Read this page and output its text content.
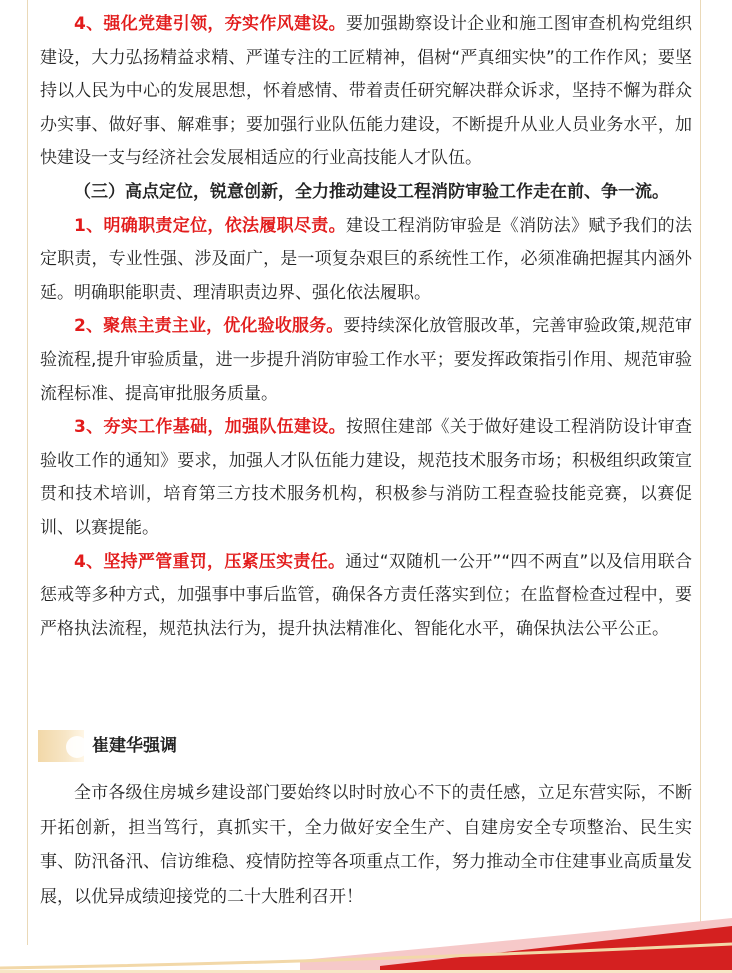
4、强化党建引领，夯实作风建设。要加强勘察设计企业和施工图审查机构党组织建设，大力弘扬精益求精、严谨专注的工匠精神，倡树“严真细实快”的工作作风；要坚持以人民为中心的发展思想，怀着感情、带着责任研究解决群众诉求，坚持不懈为群众办实事、做好事、解难事；要加强行业队伍能力建设，不断提升从业人员业务水平，加快建设一支与经济社会发展相适应的行业高技能人才队伍。

（三）高点定位，锐意创新，全力推动建设工程消防审验工作走在前、争一流。

1、明确职责定位，依法履职尽责。建设工程消防审验是《消防法》赋予我们的法定职责，专业性强、涉及面广，是一项复杂艰巨的系统性工作，必须准确把握其内涵外延。明确职能职责、理清职责边界、强化依法履职。

2、聚焦主责主业，优化验收服务。要持续深化放管服改革，完善审验政策,规范审验流程,提升审验质量，进一步提升消防审验工作水平；要发挥政策指引作用、规范审验流程标准、提高审批服务质量。

3、夯实工作基础，加强队伍建设。按照住建部《关于做好建设工程消防设计审查验收工作的通知》要求，加强人才队伍能力建设，规范技术服务市场；积极组织政策宣贯和技术培训，培育第三方技术服务机构，积极参与消防工程查验技能竞赛，以赛促训、以赛提能。

4、坚持严管重罚，压紧压实责任。通过“双随机一公开”“四不两直”以及信用联合惩戒等多种方式，加强事中事后监管，确保各方责任落实到位；在监督检查过程中，要严格执法流程，规范执法行为，提升执法精准化、智能化水平，确保执法公平公正。

崔建华强调

全市各级住房城乡建设部门要始终以时时放心不下的责任感，立足东营实际，不断开拓创新，担当笃行，真抓实干，全力做好安全生产、自建房安全专项整治、民生实事、防汛备汛、信访维稳、疫情防控等各项重点工作，努力推动全市住建事业高质量发展，以优异成绩迎接党的二十大胜利召开！
